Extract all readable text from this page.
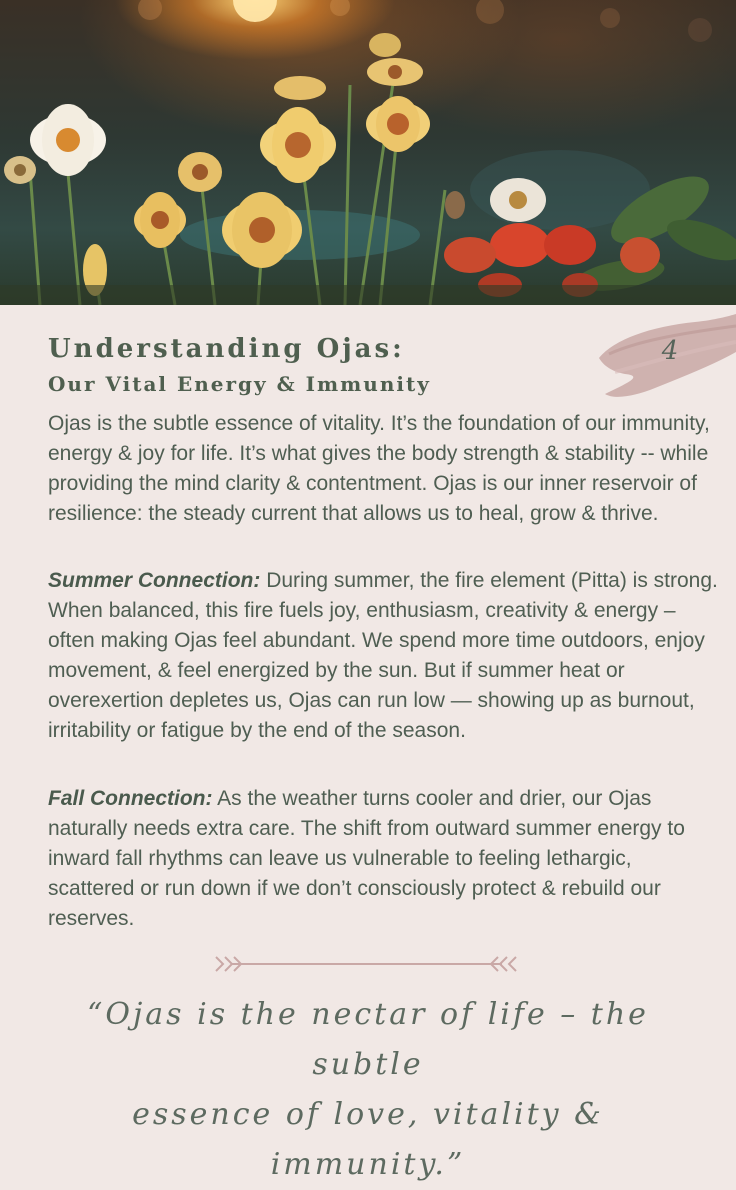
4
Understanding Ojas:
Our Vital Energy & Immunity

Ojas is the subtle essence of vitality. It’s the foundation of our immunity, energy & joy for life. It’s what gives the body strength & stability -- while providing the mind clarity & contentment. Ojas is our inner reservoir of resilience: the steady current that allows us to heal, grow & thrive.

Summer Connection: During summer, the fire element (Pitta) is strong. When balanced, this fire fuels joy, enthusiasm, creativity & energy – often making Ojas feel abundant. We spend more time outdoors, enjoy movement, & feel energized by the sun. But if summer heat or overexertion depletes us, Ojas can run low — showing up as burnout, irritability or fatigue by the end of the season.

Fall Connection: As the weather turns cooler and drier, our Ojas naturally needs extra care. The shift from outward summer energy to inward fall rhythms can leave us vulnerable to feeling lethargic, scattered or run down if we don’t consciously protect & rebuild our reserves.

“Ojas is the nectar of life – the subtle
essence of love, vitality & immunity.”
